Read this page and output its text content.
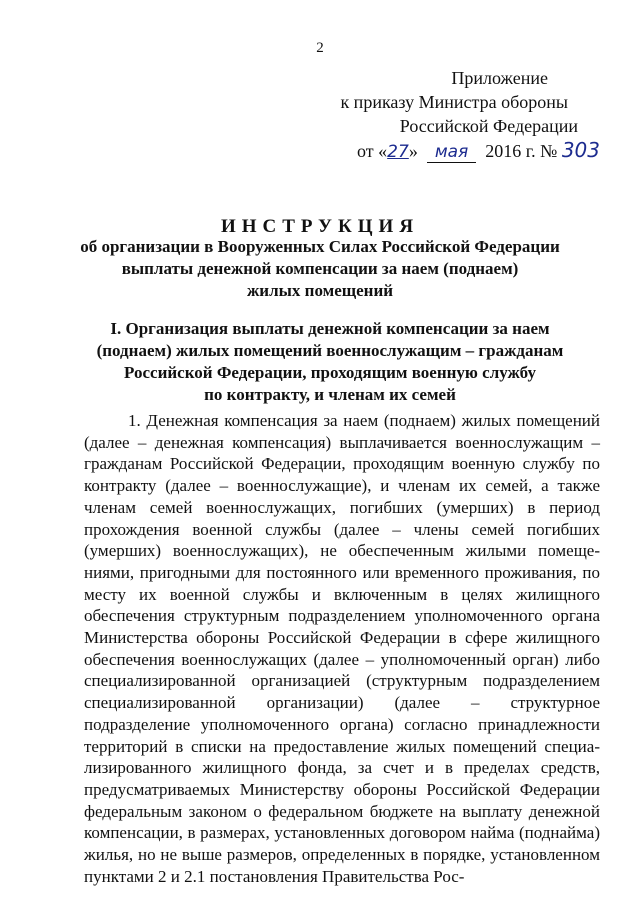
2
Приложение
к приказу Министра обороны
Российской Федерации
от «27» мая 2016 г. № 303
ИНСТРУКЦИЯ
об организации в Вооруженных Силах Российской Федерации
выплаты денежной компенсации за наем (поднаем)
жилых помещений
I. Организация выплаты денежной компенсации за наем
(поднаем) жилых помещений военнослужащим – гражданам
Российской Федерации, проходящим военную службу
по контракту, и членам их семей
1. Денежная компенсация за наем (поднаем) жилых помещений (далее – денежная компенсация) выплачивается военнослужащим – гражданам Российской Федерации, проходящим военную службу по контракту (далее – военнослужащие), и членам их семей, а также членам семей военнослужащих, погибших (умерших) в период прохождения военной службы (далее – члены семей погибших (умерших) военнослужащих), не обеспеченным жилыми помещениями, пригодными для постоянного или временного проживания, по месту их военной службы и включенным в целях жилищного обеспечения структурным подразделением уполномоченного органа Министерства обороны Российской Федерации в сфере жилищного обеспечения военнослужащих (далее – уполномоченный орган) либо специализированной организацией (структурным подразделением специализированной организации) (далее – структурное подразделение уполномоченного органа) согласно принадлежности территорий в списки на предоставление жилых помещений специализированного жилищного фонда, за счет и в пределах средств, предусматриваемых Министерству обороны Российской Федерации федеральным законом о федеральном бюджете на выплату денежной компенсации, в размерах, установленных договором найма (поднайма) жилья, но не выше размеров, определенных в порядке, установленном пунктами 2 и 2.1 постановления Правительства Рос-
